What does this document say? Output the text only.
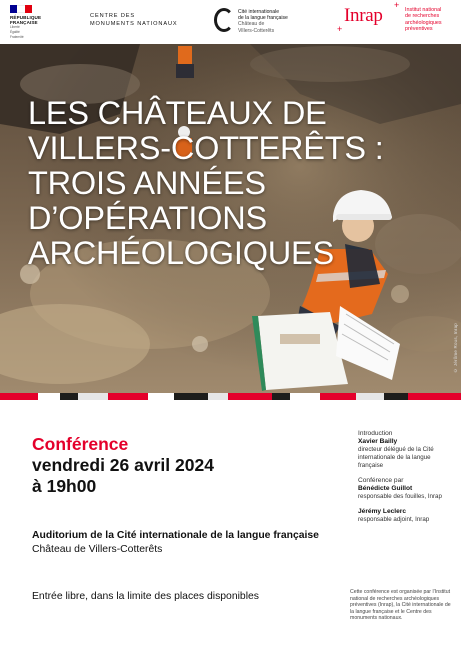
RÉPUBLIQUE
FRANÇAISE
Liberté
Égalité
Fraternité
CENTRE DES
MONUMENTS NATIONAUX
Cité internationale
de la langue française
Château de
Villers-Cotterêts	+
Inrap	+ Institut national
de recherches
archéologiques
préventives
© Jérôme Rous, Inrap
LES CHÂTEAUX DE
VILLERS-COTTERÊTS :
TROIS ANNÉES
D’OPÉRATIONS
ARCHÉOLOGIQUES
Conférence
vendredi 26 avril 2024
à 19h00
Auditorium de la Cité internationale de la langue française
Château de Villers-Cotterêts
Entrée libre, dans la limite des places disponibles
Introduction
Xavier Bailly
directeur délégué de la Cité internationale de la langue française
Conférence par
Bénédicte Guillot
responsable des fouilles, Inrap
Jérémy Leclerc
responsable adjoint, Inrap
Cette conférence est organisée par l’Institut national de recherches archéologiques préventives (Inrap), la Cité internationale de la langue française et le Centre des monuments nationaux.
